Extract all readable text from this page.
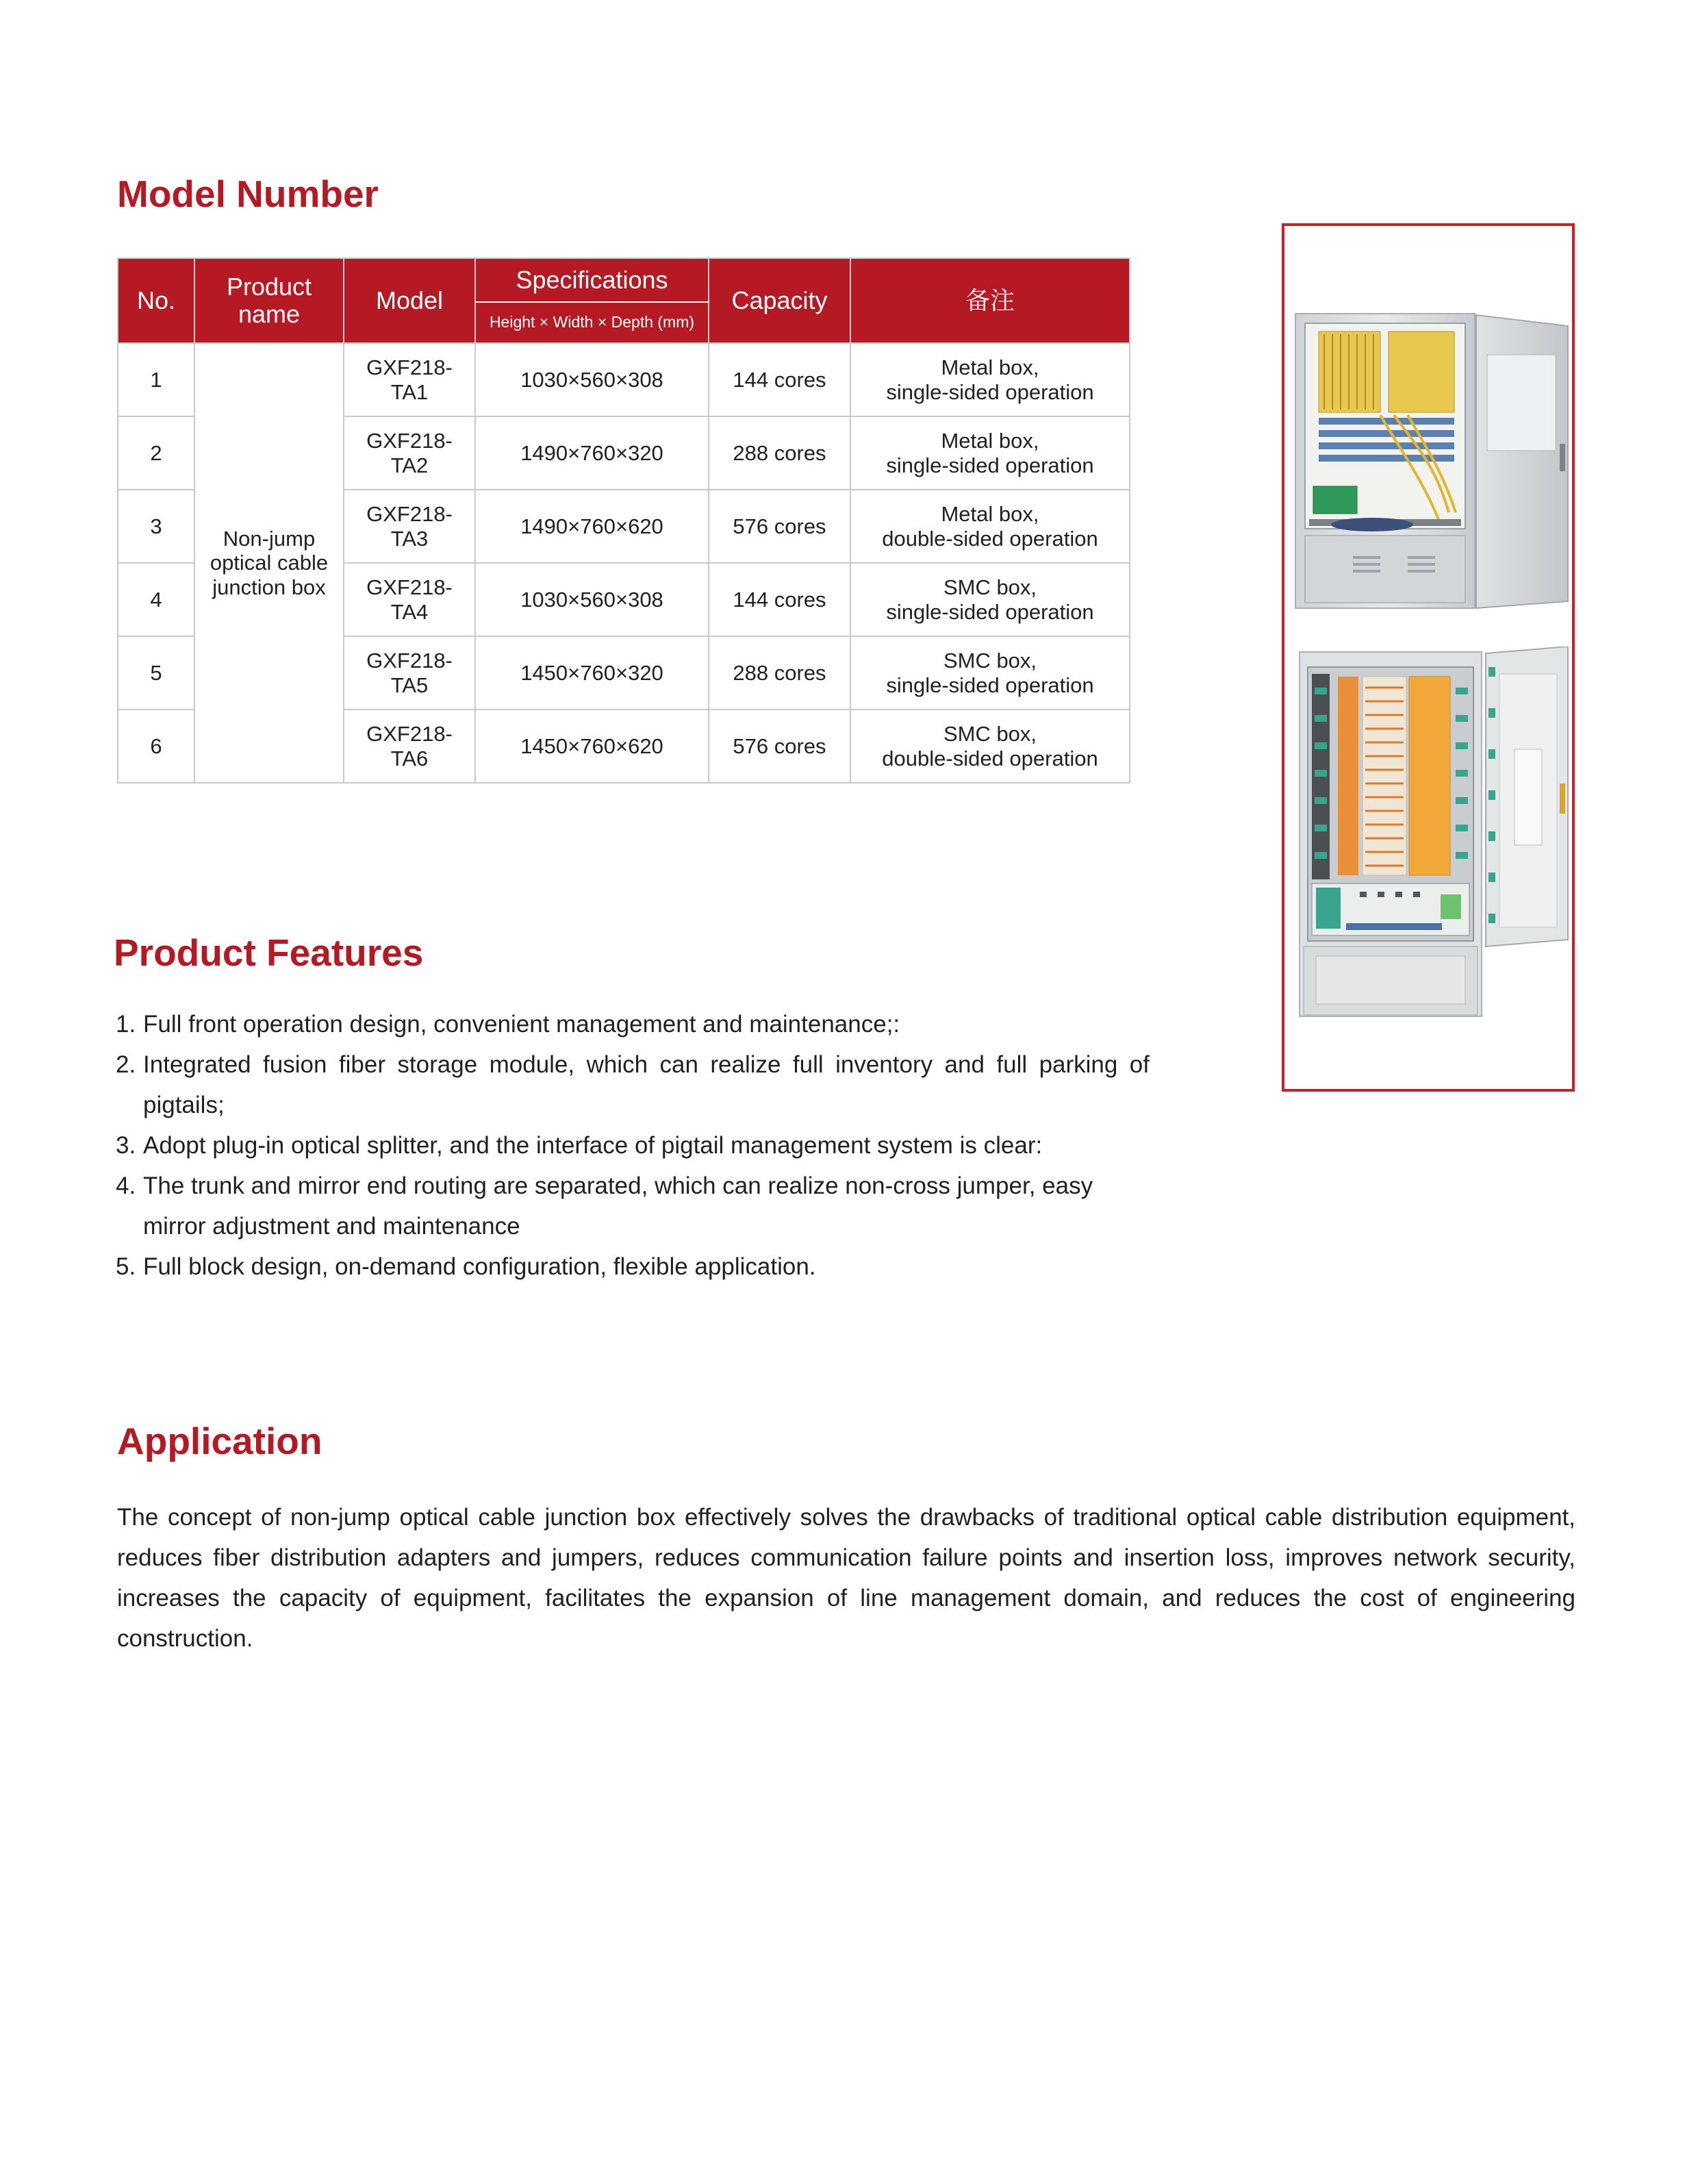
Model Number
No.	Product name	Model	Specifications	Capacity	备注
			Height × Width × Depth (mm)		
1	Non-jump optical cable junction box	GXF218-TA1	1030×560×308	144 cores	Metal box,
single-sided operation
2		GXF218-TA2	1490×760×320	288 cores	Metal box,
single-sided operation
3		GXF218-TA3	1490×760×620	576 cores	Metal box,
double-sided operation
4		GXF218-TA4	1030×560×308	144 cores	SMC box,
single-sided operation
5		GXF218-TA5	1450×760×320	288 cores	SMC box,
single-sided operation
6		GXF218-TA6	1450×760×620	576 cores	SMC box,
double-sided operation
Product Features
1. Full front operation design, convenient management and maintenance;:
2. Integrated fusion fiber storage module, which can realize full inventory and full parking of pigtails;
3. Adopt plug-in optical splitter, and the interface of pigtail management system is clear:
4. The trunk and mirror end routing are separated, which can realize non-cross jumper, easy mirror adjustment and maintenance
5. Full block design, on-demand configuration, flexible application.
Application

The concept of non-jump optical cable junction box effectively solves the drawbacks of traditional optical cable distribution equipment, reduces fiber distribution adapters and jumpers, reduces communication failure points and insertion loss, improves network security, increases the capacity of equipment, facilitates the expansion of line management domain, and reduces the cost of engineering construction.
